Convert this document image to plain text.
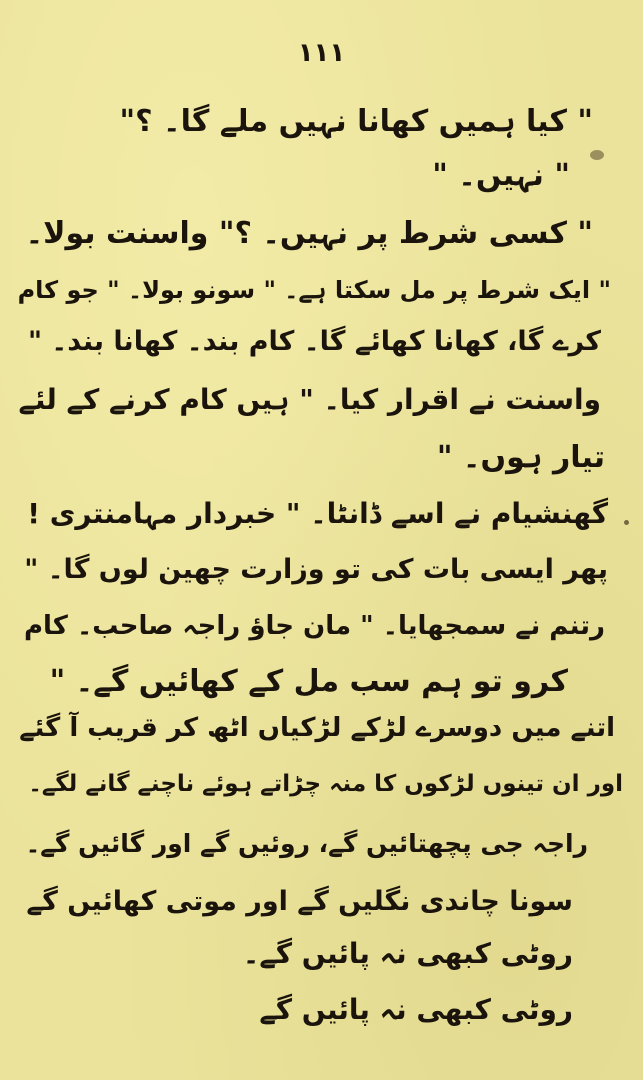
۱۱۱
" کیا ہمیں کھانا نہیں ملے گا۔ ؟"
" نہیں۔ "
" کسی شرط پر نہیں۔ ؟" واسنت بولا۔
" ایک شرط پر مل سکتا ہے۔ " سونو بولا۔ " جو کام
کرے گا، کھانا کھائے گا۔ کام بند۔ کھانا بند۔ "
واسنت نے اقرار کیا۔ " ہیں کام کرنے کے لئے
تیار ہوں۔ "
گھنشیام نے اسے ڈانٹا۔ " خبردار مہامنتری !
پھر ایسی بات کی تو وزارت چھین لوں گا۔ "
رتنم نے سمجھایا۔ " مان جاؤ راجہ صاحب۔ کام
کرو تو ہم سب مل کے کھائیں گے۔ "
اتنے میں دوسرے لڑکے لڑکیاں اٹھ کر قریب آ گئے
اور ان تینوں لڑکوں کا منہ چڑاتے ہوئے ناچنے گانے لگے۔
راجہ جی پچھتائیں گے، روئیں گے اور گائیں گے۔
سونا چاندی نگلیں گے اور موتی کھائیں گے
روٹی کبھی نہ پائیں گے۔
روٹی کبھی نہ پائیں گے
